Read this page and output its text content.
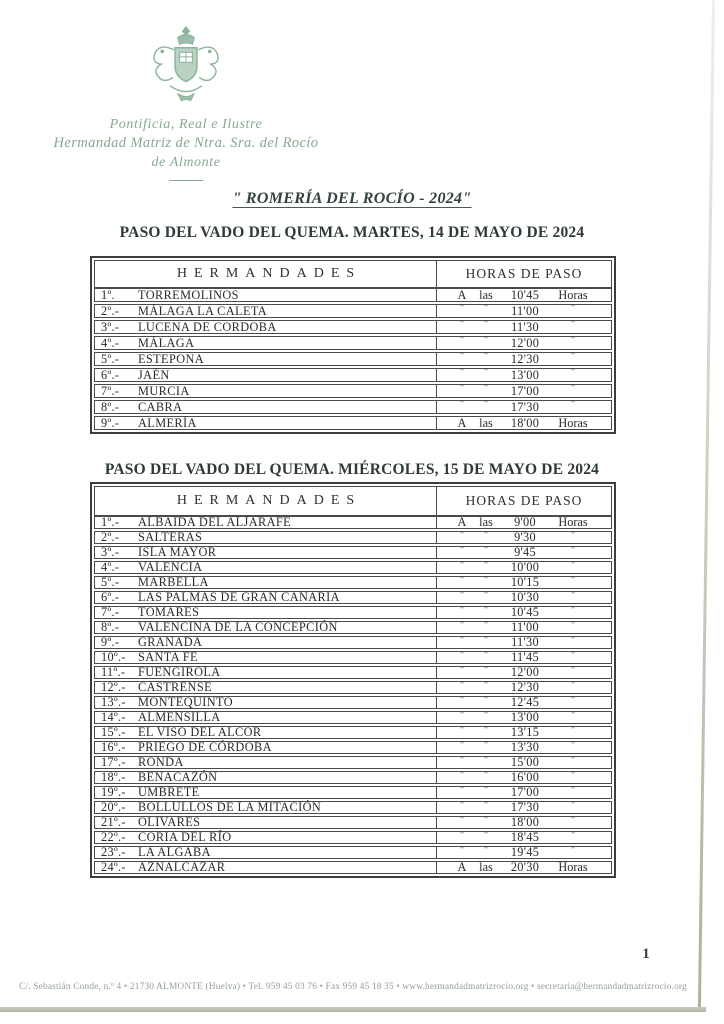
Pontificia, Real e Ilustre
Hermandad Matriz de Ntra. Sra. del Rocío
de Almonte
" ROMERÍA DEL ROCÍO - 2024"
PASO DEL VADO DEL QUEMA. MARTES, 14 DE MAYO DE 2024
HERMANDADES	HORAS DE PASO
1º.	TORREMOLINOS	A	las	10'45	Horas
2º.-	MÁLAGA LA CALETA	"	"	11'00	"
3º.-	LUCENA DE CORDOBA	"	"	11'30	"
4º.-	MÁLAGA	"	"	12'00	"
5º.-	ESTEPONA	"	"	12'30	"
6º.-	JAÉN	"	"	13'00	"
7º.-	MURCIA	"	"	17'00	"
8º.-	CABRA	"	"	17'30	"
9º.-	ALMERÍA	A	las	18'00	Horas
PASO DEL VADO DEL QUEMA. MIÉRCOLES, 15 DE MAYO DE 2024
HERMANDADES	HORAS DE PASO
1º.-	ALBAIDA DEL ALJARAFE	A	las	9'00	Horas
2º.-	SALTERAS	"	"	9'30	"
3º.-	ISLA MAYOR	"	"	9'45	"
4º.-	VALENCIA	"	"	10'00	"
5º.-	MARBELLA	"	"	10'15	"
6º.-	LAS PALMAS DE GRAN CANARIA	"	"	10'30	"
7º.-	TOMARES	"	"	10'45	"
8º.-	VALENCINA DE LA CONCEPCIÓN	"	"	11'00	"
9º.-	GRANADA	"	"	11'30	"
10º.- SANTA FE	"	"	11'45	"
11º.-	FUENGIROLA	"	"	12'00	"
12º.- CASTRENSE	"	"	12'30	"
13º.- MONTEQUINTO	"	"	12'45	"
14º.- ALMENSILLA	"	"	13'00	"
15º.- EL VISO DEL ALCOR	"	"	13'15	"
16º.- PRIEGO DE CÓRDOBA	"	"	13'30	"
17º.- RONDA	"	"	15'00	"
18º.- BENACAZÓN	"	"	16'00	"
19º.- UMBRETE	"	"	17'00	"
20º.- BOLLULLOS DE LA MITACIÓN	"	"	17'30	"
21º.- OLIVARES	"	"	18'00	"
22º.- CORIA DEL RÍO	"	"	18'45	"
23º.- LA ALGABA	"	"	19'45	"
24º.- AZNALCAZAR	A	las	20'30	Horas
1
C/. Sebastián Conde, n.º 4 • 21730 ALMONTE (Huelva) • Tel. 959 45 03 76 • Fax 959 45 18 35 • www.hermandadmatrizrocio.org • secretaria@hermandadmatrizrocio.org
